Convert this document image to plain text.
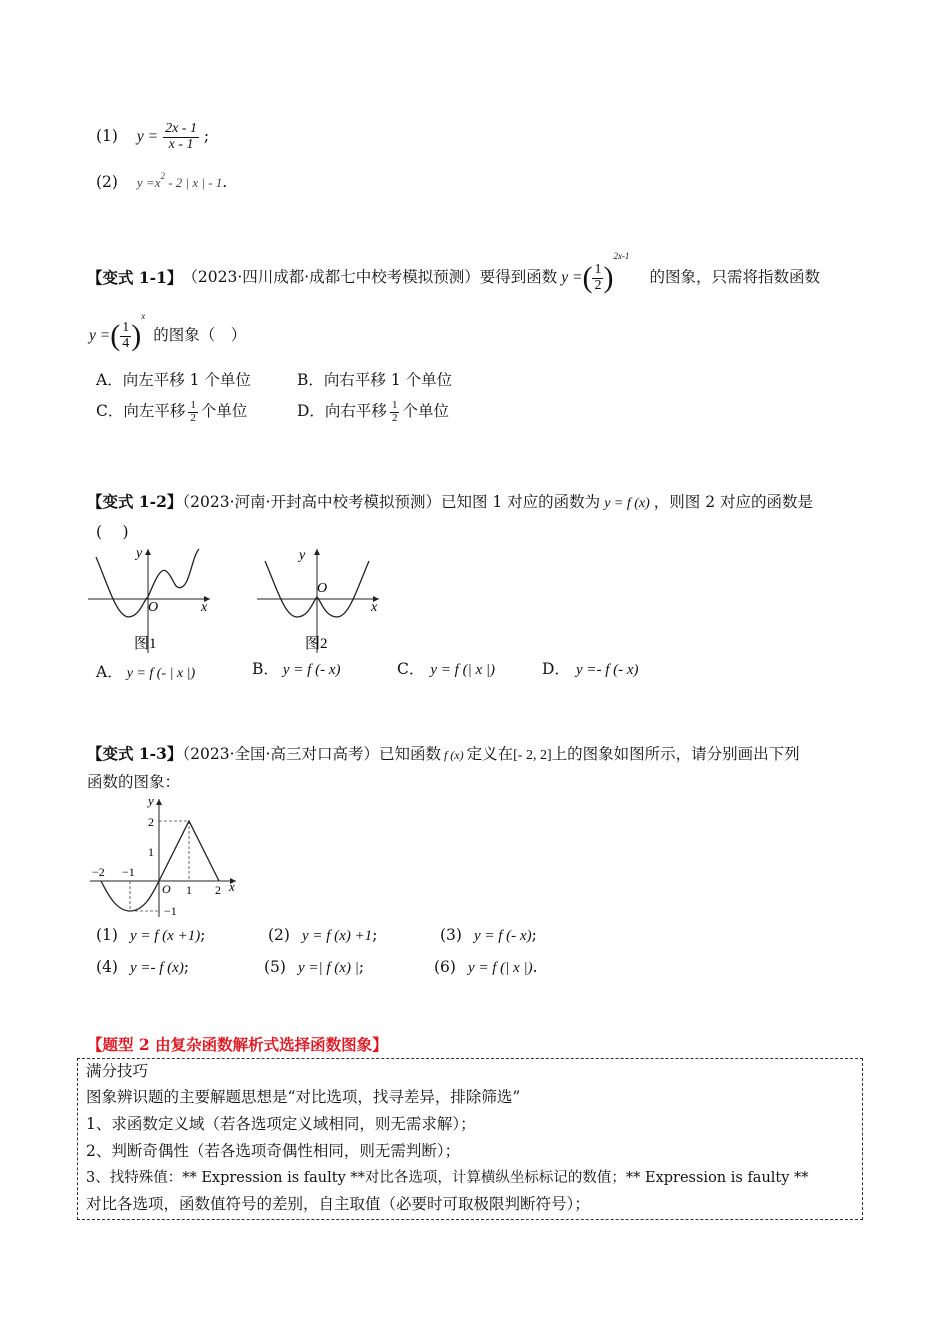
(1) $y = \frac{2x - 1}{x - 1}$ ;
(2) $y =x^2 - 2$ | x | - 1.
【变式 1-1】 （2023·四川成都·成都七中校考模拟预测）要得到函数 y = ( $\frac{1}{2}$ )
2x-1
的图象，只需将指数函数
y = ( $\frac{1}{4}$ )
x
的图象（　）
A．向左平移 1 个单位	B．向右平移 1 个单位
C．向左平移 $\frac{1}{2}$ 个单位	D．向右平移 $\frac{1}{2}$ 个单位
【变式 1-2】（2023·河南·开封高中校考模拟预测）已知图 1 对应的函数为 y = f (x) ，则图 2 对应的函数是
(　 )
y
x
O
图1
y
x
O
图2
A． y = f (- | x |)	B． y = f (- x)	C． y = f (| x |)	D． y =- f (- x)
【变式 1-3】（2023·全国·高三对口高考）已知函数 f (x) 定义在[- 2, 2]上的图象如图所示，请分别画出下列
函数的图象：
y
x
O
2
1
−1
−2 −1
1 2
(1) y = f (x +1);	(2) y = f (x) +1;	(3) y = f (- x);
(4) y =- f (x);	(5) y =| f (x) |;	(6) y = f (| x |).
【题型 2 由复杂函数解析式选择函数图象】
满分技巧
图象辨识题的主要解题思想是“对比选项，找寻差异，排除筛选”
1、求函数定义域（若各选项定义域相同，则无需求解）；
2、判断奇偶性（若各选项奇偶性相同，则无需判断）；
3、找特殊值：** Expression is faulty **对比各选项，计算横纵坐标标记的数值；** Expression is faulty **
对比各选项，函数值符号的差别，自主取值（必要时可取极限判断符号）；
